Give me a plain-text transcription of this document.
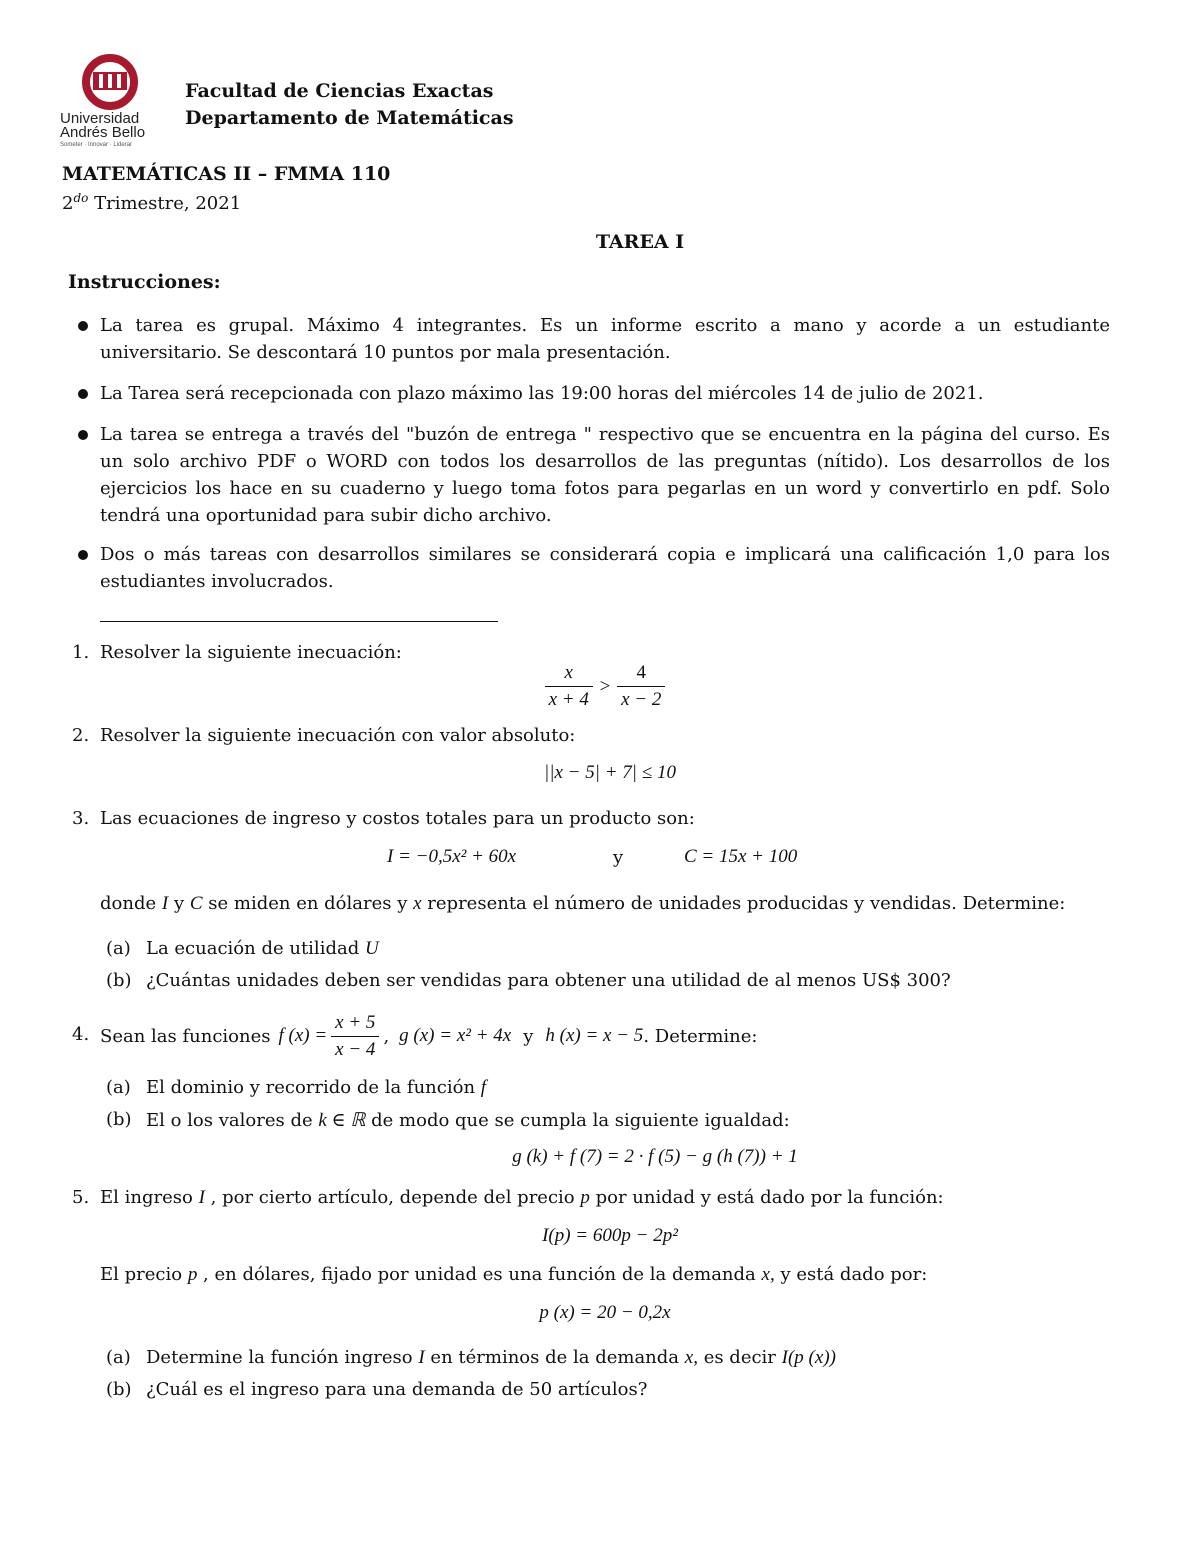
Universidad
Andrés Bello
Someter · Innovar · Liderar
Facultad de Ciencias Exactas
Departamento de Matemáticas
MATEMÁTICAS II – FMMA 110
$2^{do}$ Trimestre, 2021
TAREA I
Instrucciones:
La tarea es grupal. Máximo 4 integrantes. Es un informe escrito a mano y acorde a un estudiante universitario. Se descontará 10 puntos por mala presentación.
La Tarea será recepcionada con plazo máximo las 19:00 horas del miércoles 14 de julio de 2021.
La tarea se entrega a través del "buzón de entrega " respectivo que se encuentra en la página del curso. Es un solo archivo PDF o WORD con todos los desarrollos de las preguntas (nítido). Los desarrollos de los ejercicios los hace en su cuaderno y luego toma fotos para pegarlas en un word y convertirlo en pdf. Solo tendrá una oportunidad para subir dicho archivo.
Dos o más tareas con desarrollos similares se considerará copia e implicará una calificación 1,0 para los estudiantes involucrados.
1. Resolver la siguiente inecuación:
$\frac{x}{x + 4} > \frac{4}{x - 2}$
2. Resolver la siguiente inecuación con valor absoluto:
||x − 5| + 7| ≤ 10
3. Las ecuaciones de ingreso y costos totales para un producto son:
I = −0,5x² + 60x	y	C = 15x + 100
donde I y C se miden en dólares y x representa el número de unidades producidas y vendidas. Determine:
(a) La ecuación de utilidad U
(b) ¿Cuántas unidades deben ser vendidas para obtener una utilidad de al menos US$ 300?
4. Sean las funciones f $(x) = \frac{x + 5}{x - 4}$ , g (x) = x² + 4x y h (x) = x − 5 . Determine:
(a) El dominio y recorrido de la función f
(b) El o los valores de k ∈ ℝ de modo que se cumpla la siguiente igualdad:
g (k) + f (7) = 2 · f (5) − g (h (7)) + 1
5. El ingreso I , por cierto artículo, depende del precio p por unidad y está dado por la función:
I(p) = 600p − 2p²
El precio p , en dólares, fijado por unidad es una función de la demanda x, y está dado por:
p (x) = 20 − 0,2x
(a) Determine la función ingreso I en términos de la demanda x, es decir I(p (x))
(b) ¿Cuál es el ingreso para una demanda de 50 artículos?
